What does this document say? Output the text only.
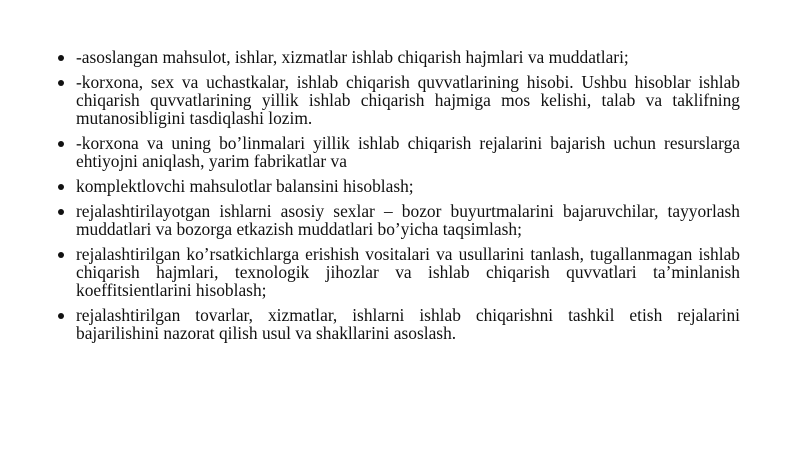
-asoslangan mahsulot, ishlar, xizmatlar ishlab chiqarish hajmlari va muddatlari;
-korxona, sex va uchastkalar, ishlab chiqarish quvvatlarining hisobi. Ushbu hisoblar ishlab chiqarish quvvatlarining yillik ishlab chiqarish hajmiga mos kelishi, talab va taklifning mutanosibligini tasdiqlashi lozim.
-korxona va uning bo’linmalari yillik ishlab chiqarish rejalarini bajarish uchun resurslarga ehtiyojni aniqlash, yarim fabrikatlar va
komplektlovchi mahsulotlar balansini hisoblash;
rejalashtirilayotgan ishlarni asosiy sexlar – bozor buyurtmalarini bajaruvchilar, tayyorlash muddatlari va bozorga etkazish muddatlari bo’yicha taqsimlash;
rejalashtirilgan ko’rsatkichlarga erishish vositalari va usullarini tanlash, tugallanmagan ishlab chiqarish hajmlari, texnologik jihozlar va ishlab chiqarish quvvatlari ta’minlanish koeffitsientlarini hisoblash;
rejalashtirilgan tovarlar, xizmatlar, ishlarni ishlab chiqarishni tashkil etish rejalarini bajarilishini nazorat qilish usul va shakllarini asoslash.
